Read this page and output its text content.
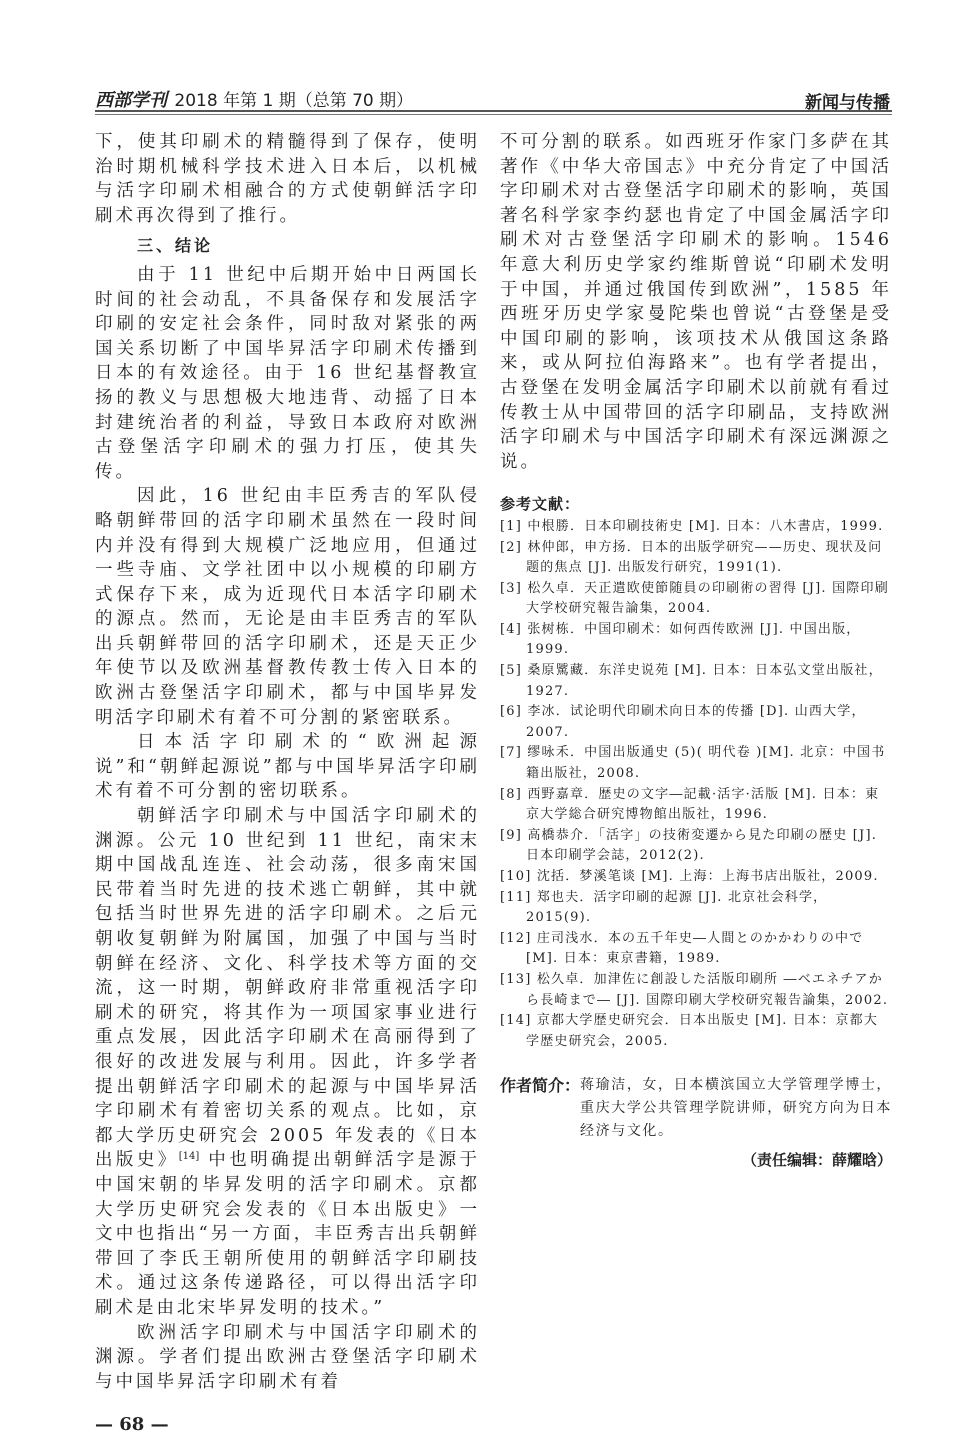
西部学刊 2018 年第 1 期（总第 70 期）	新闻与传播

下，使其印刷术的精髓得到了保存，使明治时期机械科学技术进入日本后，以机械与活字印刷术相融合的方式使朝鲜活字印刷术再次得到了推行。

三、结论

由于 11 世纪中后期开始中日两国长时间的社会动乱，不具备保存和发展活字印刷的安定社会条件，同时敌对紧张的两国关系切断了中国毕昇活字印刷术传播到日本的有效途径。由于 16 世纪基督教宣扬的教义与思想极大地违背、动摇了日本封建统治者的利益，导致日本政府对欧洲古登堡活字印刷术的强力打压，使其失传。

因此，16 世纪由丰臣秀吉的军队侵略朝鲜带回的活字印刷术虽然在一段时间内并没有得到大规模广泛地应用，但通过一些寺庙、文学社团中以小规模的印刷方式保存下来，成为近现代日本活字印刷术的源点。然而，无论是由丰臣秀吉的军队出兵朝鲜带回的活字印刷术，还是天正少年使节以及欧洲基督教传教士传入日本的欧洲古登堡活字印刷术，都与中国毕昇发明活字印刷术有着不可分割的紧密联系。

日本活字印刷术的“欧洲起源说”和“朝鲜起源说”都与中国毕昇活字印刷术有着不可分割的密切联系。

朝鲜活字印刷术与中国活字印刷术的渊源。公元 10 世纪到 11 世纪，南宋末期中国战乱连连、社会动荡，很多南宋国民带着当时先进的技术逃亡朝鲜，其中就包括当时世界先进的活字印刷术。之后元朝收复朝鲜为附属国，加强了中国与当时朝鲜在经济、文化、科学技术等方面的交流，这一时期，朝鲜政府非常重视活字印刷术的研究，将其作为一项国家事业进行重点发展，因此活字印刷术在高丽得到了很好的改进发展与利用。因此，许多学者提出朝鲜活字印刷术的起源与中国毕昇活字印刷术有着密切关系的观点。比如，京都大学历史研究会 2005 年发表的《日本出版史》[14] 中也明确提出朝鲜活字是源于中国宋朝的毕昇发明的活字印刷术。京都大学历史研究会发表的《日本出版史》一文中也指出“另一方面，丰臣秀吉出兵朝鲜带回了李氏王朝所使用的朝鲜活字印刷技术。通过这条传递路径，可以得出活字印刷术是由北宋毕昇发明的技术。”

欧洲活字印刷术与中国活字印刷术的渊源。学者们提出欧洲古登堡活字印刷术与中国毕昇活字印刷术有着

— 68 —

不可分割的联系。如西班牙作家门多萨在其著作《中华大帝国志》中充分肯定了中国活字印刷术对古登堡活字印刷术的影响，英国著名科学家李约瑟也肯定了中国金属活字印刷术对古登堡活字印刷术的影响。1546 年意大利历史学家约维斯曾说“印刷术发明于中国，并通过俄国传到欧洲”，1585 年西班牙历史学家曼陀柴也曾说“古登堡是受中国印刷的影响，该项技术从俄国这条路来，或从阿拉伯海路来”。也有学者提出，古登堡在发明金属活字印刷术以前就有看过传教士从中国带回的活字印刷品，支持欧洲活字印刷术与中国活字印刷术有深远渊源之说。

参考文献：
[1] 中根勝．日本印刷技術史 [M]. 日本：八木書店，1999.
[2] 林仲郎，申方扬．日本的出版学研究——历史、现状及问题的焦点 [J]. 出版发行研究，1991(1).
[3] 松久卓．天正遣欧使節随員の印刷術の習得 [J]. 国際印刷大学校研究報告論集，2004.
[4] 张树栋．中国印刷术：如何西传欧洲 [J]. 中国出版，1999.
[5] 桑原騭藏．东洋史说苑 [M]. 日本：日本弘文堂出版社，1927.
[6] 李冰．试论明代印刷术向日本的传播 [D]. 山西大学，2007.
[7] 缪咏禾．中国出版通史 (5)( 明代卷 )[M]. 北京：中国书籍出版社，2008.
[8] 西野嘉章．歴史の文字―記載·活字·活版 [M]. 日本：東京大学総合研究博物館出版社，1996.
[9] 高橋恭介．「活字」の技術変遷から見た印刷の歴史 [J]. 日本印刷学会誌，2012(2).
[10] 沈括．梦溪笔谈 [M]. 上海：上海书店出版社，2009.
[11] 郑也夫．活字印刷的起源 [J]. 北京社会科学，2015(9).
[12] 庄司浅水．本の五千年史―人間とのかかわりの中で [M]. 日本：東京書籍，1989.
[13] 松久卓．加津佐に創設した活版印刷所 ―ベエネチアから長崎まで― [J]. 国際印刷大学校研究報告論集，2002.
[14] 京都大学歴史研究会．日本出版史 [M]. 日本：京都大学歴史研究会，2005.
作者简介： 蒋瑜洁，女，日本横滨国立大学管理学博士，重庆大学公共管理学院讲师，研究方向为日本经济与文化。
（责任编辑：薛耀晗）
